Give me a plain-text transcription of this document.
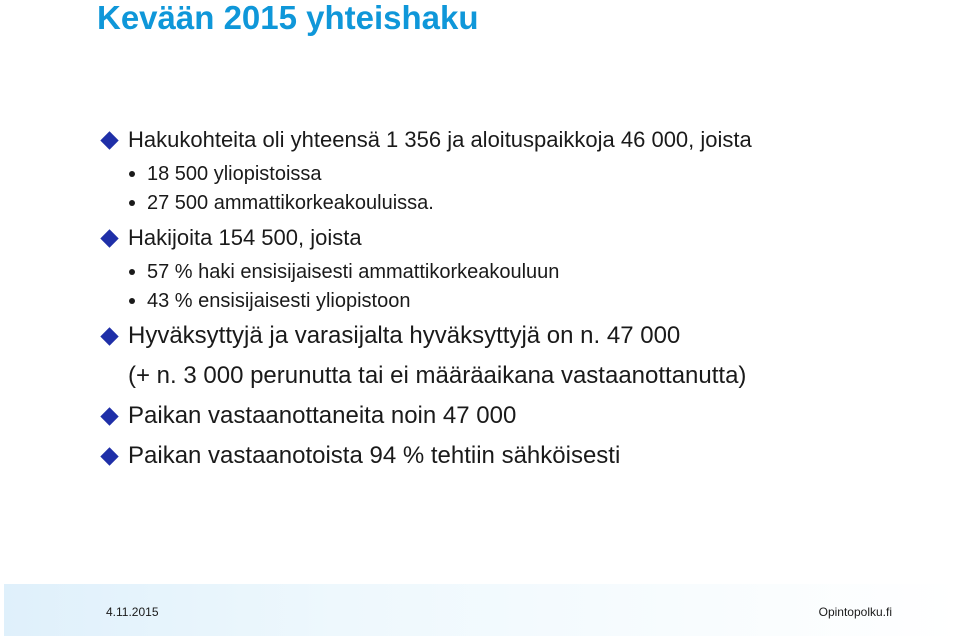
Kevään 2015 yhteishaku
Hakukohteita oli yhteensä 1 356 ja aloituspaikkoja 46 000, joista
18 500 yliopistoissa
27 500 ammattikorkeakouluissa.
Hakijoita 154 500, joista
57 % haki ensisijaisesti ammattikorkeakouluun
43 % ensisijaisesti yliopistoon
Hyväksyttyjä ja varasijalta hyväksyttyjä on n. 47 000
(+ n. 3 000 perunutta tai ei määräaikana vastaanottanutta)
Paikan vastaanottaneita noin 47 000
Paikan vastaanotoista 94 % tehtiin sähköisesti
4.11.2015	Opintopolku.fi
